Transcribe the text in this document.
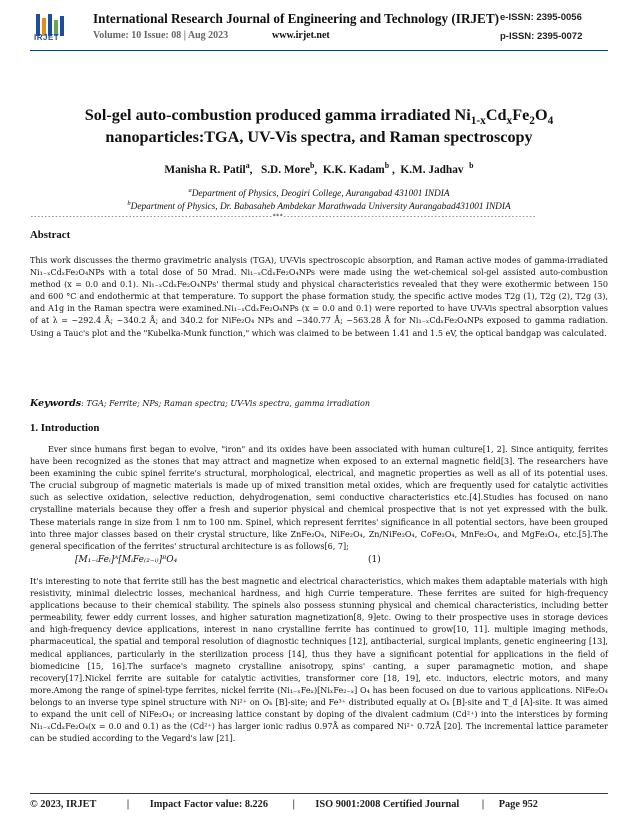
IRJET
International Research Journal of Engineering and Technology (IRJET)
Volume: 10 Issue: 08 | Aug 2023	www.irjet.net
e-ISSN: 2395-0056
p-ISSN: 2395-0072
Sol-gel auto-combustion produced gamma irradiated $Ni_{1-x}Cd_xFe_2O_4$
nanoparticles:TGA, UV-Vis spectra, and Raman spectroscopy
Manisha R. Patil$^a$,   S.D. More$^b$,  K.K. Kadam$^b$ ,  K.M. Jadhav $^b$
$^a$Department of Physics, Deogiri College, Aurangabad 431001 INDIA
$^b$Department of Physics, Dr. Babasaheb Ambdekar Marathwada University Aurangabad431001 INDIA
---------------------------------------------------------------------***------------------------------------------------------------------------
Abstract

This work discusses the thermo gravimetric analysis (TGA), UV-Vis spectroscopic absorption, and Raman active modes of gamma-irradiated Ni₁₋ₓCdₓFe₂O₄NPs with a total dose of 50 Mrad. Ni₁₋ₓCdₓFe₂O₄NPs were made using the wet-chemical sol-gel assisted auto-combustion method (x = 0.0 and 0.1). Ni₁₋ₓCdₓFe₂O₄NPs' thermal study and physical characteristics revealed that they were exothermic between 150 and 600 °C and endothermic at that temperature. To support the phase formation study, the specific active modes T2g (1), T2g (2), T2g (3), and A1g in the Raman spectra were examined.Ni₁₋ₓCdₓFe₂O₄NPs (x = 0.0 and 0.1) were reported to have UV-Vis spectral absorption values of at λ = ~292.4 Å; ~340.2 Å; and 340.2 for NiFe₂O₄ NPs and ~340.77 Å; ~563.28 Å for Ni₁₋ₓCdₓFe₂O₄NPs exposed to gamma radiation. Using a Tauc's plot and the "Kubelka-Munk function," which was claimed to be between 1.41 and 1.5 eV, the optical bandgap was calculated.

Keywords: TGA; Ferrite; NPs; Raman spectra; UV-Vis spectra, gamma irradiation
1. Introduction

Ever since humans first began to evolve, "iron" and its oxides have been associated with human culture[1, 2]. Since antiquity, ferrites have been recognized as the stones that may attract and magnetize when exposed to an external magnetic field[3]. The researchers have been examining the cubic spinel ferrite's structural, morphological, electrical, and magnetic properties as well as all of its potential uses. The crucial subgroup of magnetic materials is made up of mixed transition metal oxides, which are frequently used for catalytic activities such as selective oxidation, selective reduction, dehydrogenation, semi conductive characteristics etc.[4].Studies has focused on nano crystalline materials because they offer a fresh and superior physical and chemical prospective that is not yet expressed with the bulk. These materials range in size from 1 nm to 100 nm. Spinel, which represent ferrites' significance in all potential sectors, have been grouped into three major classes based on their crystal structure, like ZnFe₂O₄, NiFe₂O₄, Zn/NiFe₂O₄, CoFe₂O₄, MnFe₂O₄, and MgFe₂O₄, etc.[5].The general specification of the ferrites' structural architecture is as follows[6, 7];

[M₁₋ᵢFeᵢ]ᴬ[MᵢFe₍₂₋ᵢ₎]ᴮO₄	(1)

It's interesting to note that ferrite still has the best magnetic and electrical characteristics, which makes them adaptable materials with high resistivity, minimal dielectric losses, mechanical hardness, and high Currie temperature. These ferrites are suited for high-frequency applications because to their chemical stability. The spinels also possess stunning physical and chemical characteristics, including better permeability, fewer eddy current losses, and higher saturation magnetization[8, 9]etc. Owing to their prospective uses in storage devices and high-frequency device applications, interest in nano crystalline ferrite has continued to grow[10, 11]. multiple imaging methods, pharmaceutical, the spatial and temporal resolution of diagnostic techniques [12], antibacterial, surgical implants, genetic engineering [13], medical appliances, particularly in the sterilization process [14], thus they have a significant potential for applications in the field of biomedicine [15, 16].The surface's magneto crystalline anisotropy, spins' canting, a super paramagnetic motion, and shape recovery[17].Nickel ferrite are suitable for catalytic activities, transformer core [18, 19], etc. inductors, electric motors, and many more.Among the range of spinel-type ferrites, nickel ferrite (Ni₁₋ₓFeₓ)[NiₓFe₂₋ₓ] O₄ has been focused on due to various applications. NiFe₂O₄ belongs to an inverse type spinel structure with Ni²⁺ on Oₕ [B]-site; and Fe³⁺ distributed equally at Oₕ [B]-site and T_d [A]-site. It was aimed to expand the unit cell of NiFe₂O₄; or increasing lattice constant by doping of the divalent cadmium (Cd²⁺) into the interstices by forming Ni₁₋ₓCdₓFe₂O₄(x = 0.0 and 0.1) as the (Cd²⁺) has larger ionic radius 0.97Å as compared Ni²⁺ 0.72Å [20]. The incremental lattice parameter can be studied according to the Vegard's law [21].

© 2023, IRJET	| Impact Factor value: 8.226 | ISO 9001:2008 Certified Journal | Page 952
